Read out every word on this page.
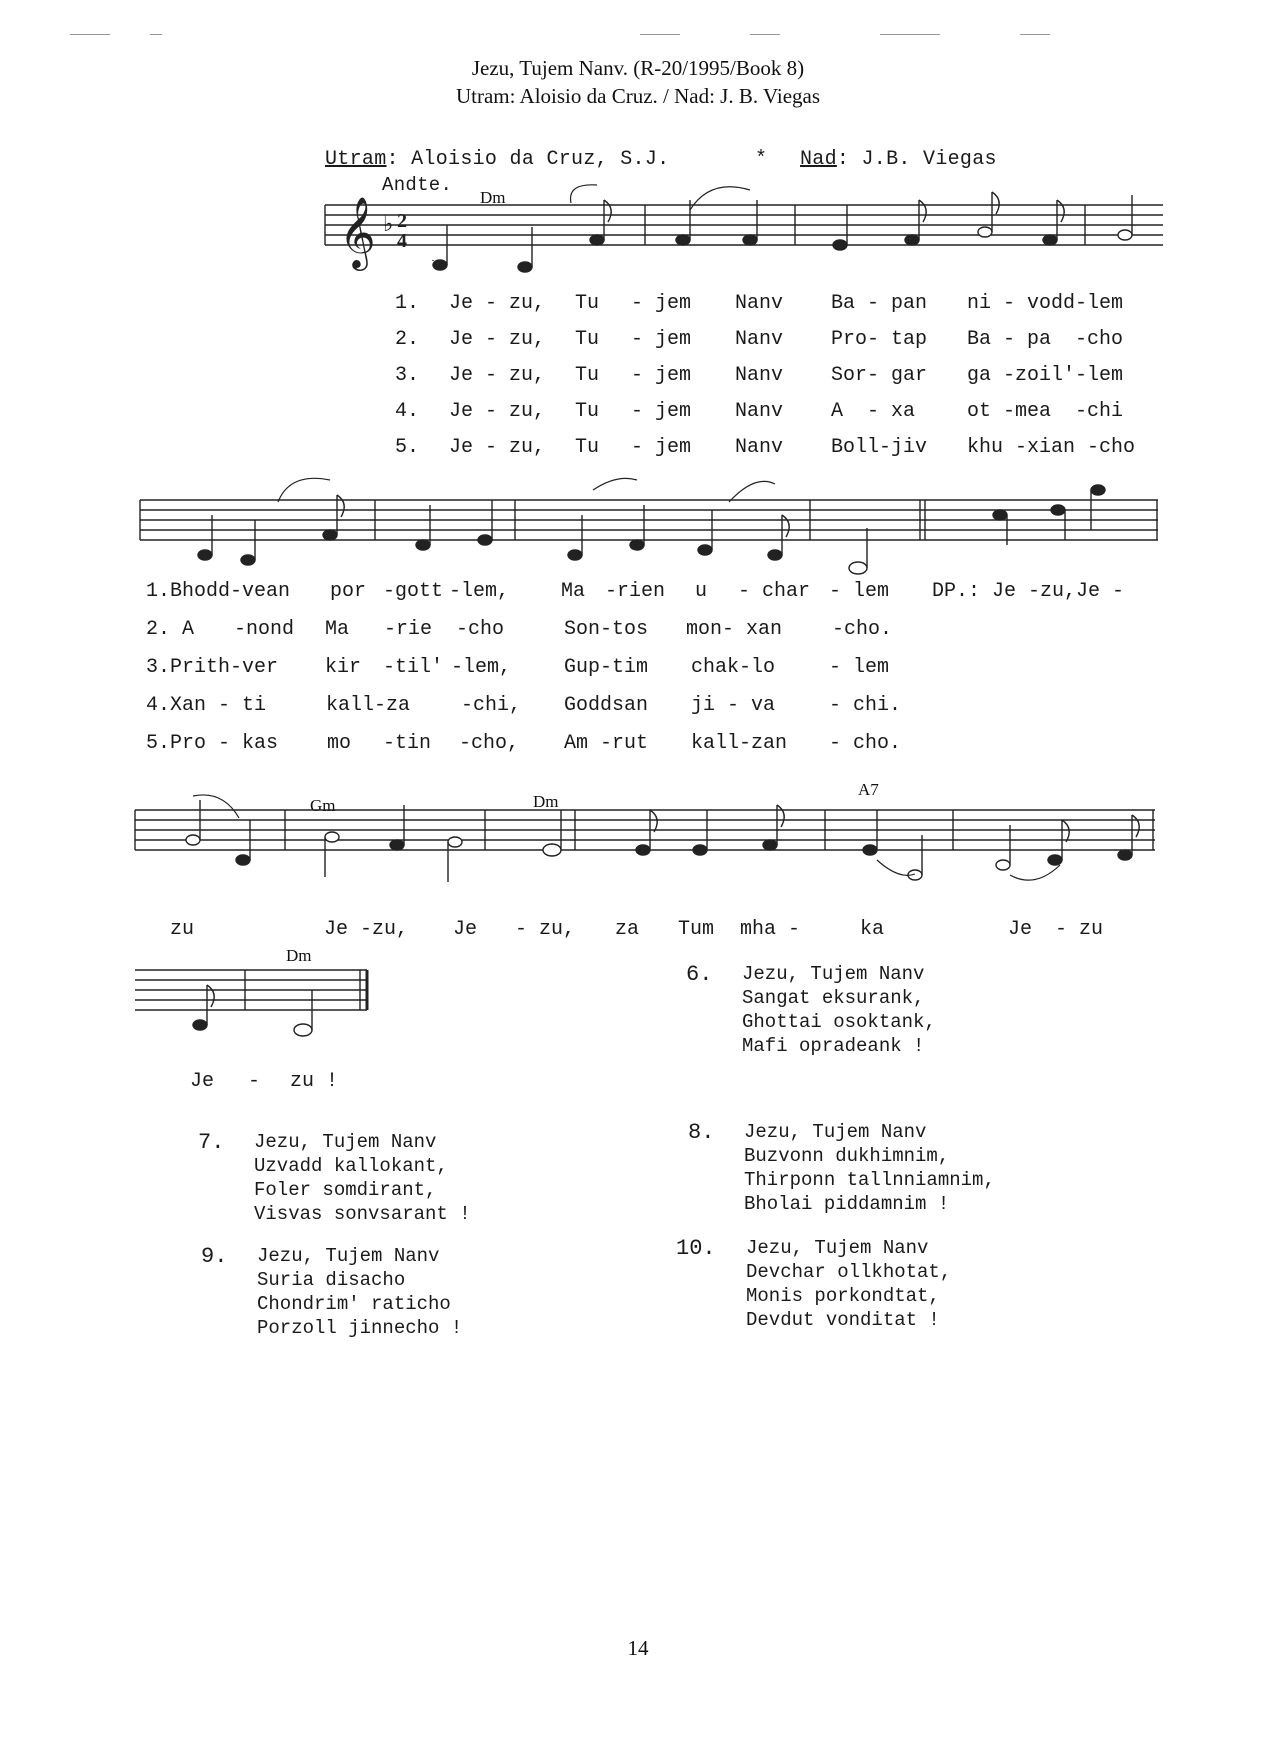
Jezu, Tujem Nanv. (R-20/1995/Book 8)
Utram: Aloisio da Cruz. / Nad: J. B. Viegas
Utram: Aloisio da Cruz, S.J.	* Nad: J.B. Viegas
Andte.
Dm
Gm	Dm
A7
Dm
𝄞 ♭ 2
4
1. Je - zu, Tu - jem Nanv Ba - pan ni - vodd-lem
2. Je - zu, Tu - jem Nanv Pro- tap Ba - pa  -cho
3. Je - zu, Tu - jem Nanv Sor- gar ga -zoil'-lem
4. Je - zu, Tu - jem Nanv A  - xa	ot -mea  -chi
5. Je - zu, Tu - jem Nanv Boll-jiv khu -xian -cho
1.Bhodd-vean por -gott -lem,	Ma -rien u - char - lem DP.: Je -zu,Je -
2. A -nond Ma -rie -cho	Son-tos mon- xan -cho.
3.Prith-ver kir -til' -lem,	Gup-tim chak-lo	- lem
4.Xan - ti	kall-za	-chi, Goddsan ji - va	- chi.
5.Pro - kas mo -tin -cho, Am -rut kall-zan - cho.
zu	Je -zu, Je - zu, za Tum mha -	ka	Je - zu
Je - zu !
6. Jezu, Tujem Nanv
Sangat eksurank,
Ghottai osoktank,
Mafi opradeank !
7. Jezu, Tujem Nanv
Uzvadd kallokant,
Foler somdirant,
Visvas sonvsarant !
8. Jezu, Tujem Nanv
Buzvonn dukhimnim,
Thirponn tallnniamnim,
Bholai piddamnim !
9. Jezu, Tujem Nanv
Suria disacho
Chondrim' raticho
Porzoll jinnecho !
10. Jezu, Tujem Nanv
Devchar ollkhotat,
Monis porkondtat,
Devdut vonditat !
14
